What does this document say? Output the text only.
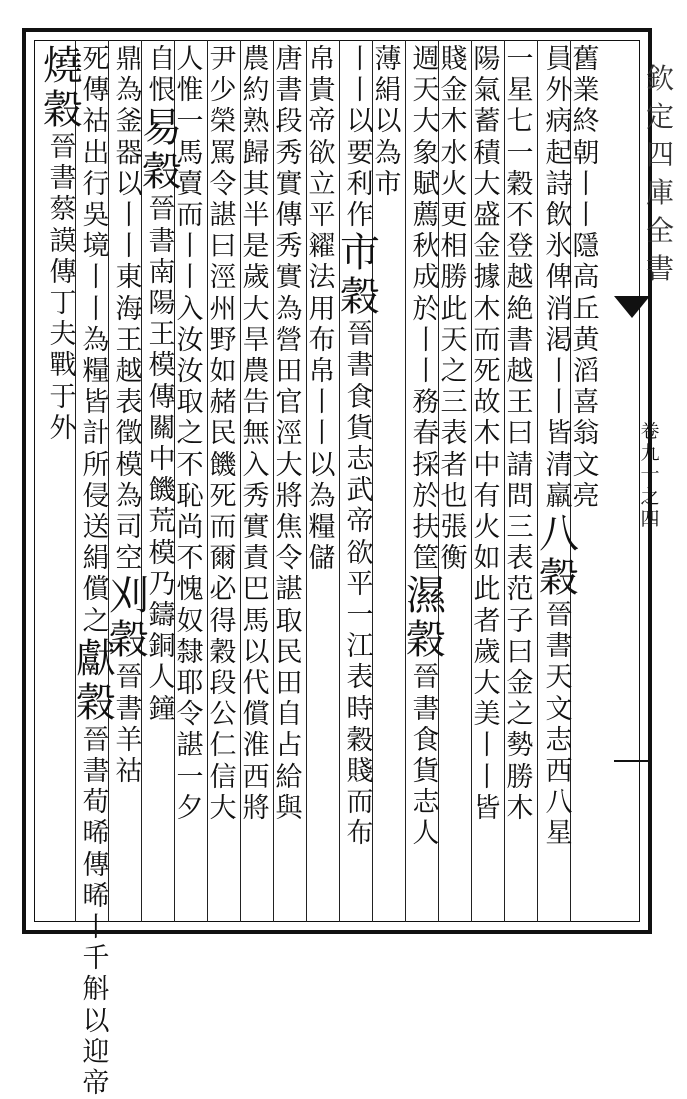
欽
定
四
庫
全
書
卷
九
十
之
四
舊
業
終
朝
丨
丨
隱
高
丘
黄
滔
喜
翁
文
亮
員
外
病
起
詩
飲
氷
俾
消
渇
丨
丨
皆
清
羸
八
穀
晉
書
天
文
志
西
八
星
一
星
七
一
穀
不
登
越
絶
書
越
王
曰
請
問
三
表
范
子
曰
金
之
勢
勝
木
陽
氣
蓄
積
大
盛
金
據
木
而
死
故
木
中
有
火
如
此
者
歲
大
美
丨
丨
皆
賤
金
木
水
火
更
相
勝
此
天
之
三
表
者
也
張
衡
週
天
大
象
賦
薦
秋
成
於
丨
丨
務
春
採
於
扶
筐
濕
穀
晉
書
食
貨
志
人
薄
絹
以
為
市
丨
丨
以
要
利
作
市
穀
晉
書
食
貨
志
武
帝
欲
平
一
江
表
時
穀
賤
而
布
帛
貴
帝
欲
立
平
糴
法
用
布
帛
丨
丨
以
為
糧
儲
唐
書
段
秀
實
傳
秀
實
為
營
田
官
涇
大
將
焦
令
諶
取
民
田
自
占
給
與
農
約
熟
歸
其
半
是
歲
大
旱
農
告
無
入
秀
實
責
巴
馬
以
代
償
淮
西
將
尹
少
榮
罵
令
諶
曰
涇
州
野
如
赭
民
饑
死
而
爾
必
得
穀
段
公
仁
信
大
人
惟
一
馬
賣
而
丨
丨
入
汝
汝
取
之
不
恥
尚
不
愧
奴
隸
耶
令
諶
一
夕
自
恨
易
穀
晉
書
南
陽
王
模
傳
關
中
饑
荒
模
乃
鑄
銅
人
鐘
鼎
為
釜
器
以
丨
丨
東
海
王
越
表
徵
模
為
司
空
刈
穀
晉
書
羊
祜
死
傳
祜
出
行
吳
境
丨
丨
為
糧
皆
計
所
侵
送
絹
償
之
獻
穀
晉
書
荀
晞
傳
晞
丨
千
斛
以
迎
帝
燒
穀
晉
書
蔡
謨
傳
丁
夫
戰
于
外
